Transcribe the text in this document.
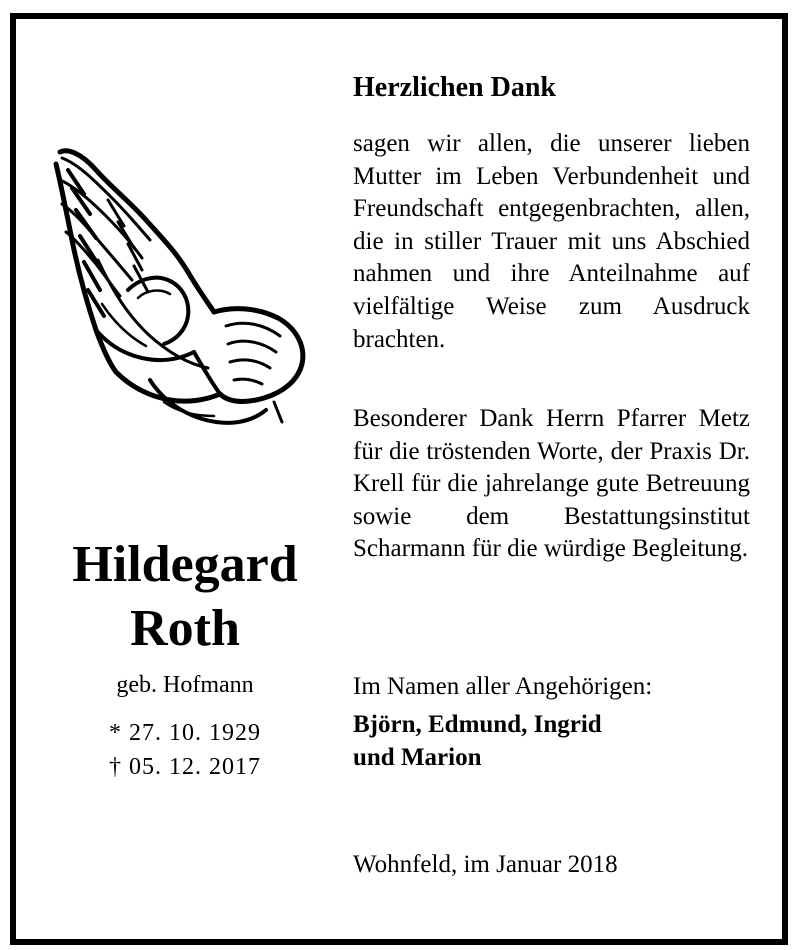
Hildegard
Roth
geb. Hofmann
* 27. 10. 1929
† 05. 12. 2017
Herzlichen Dank
sagen wir allen, die unserer lieben Mutter im Leben Verbundenheit und Freundschaft entgegenbrachten, allen, die in stiller Trauer mit uns Abschied nahmen und ihre Anteilnahme auf vielfältige Weise zum Ausdruck brachten.
Besonderer Dank Herrn Pfarrer Metz für die tröstenden Worte, der Praxis Dr. Krell für die jahrelange gute Betreuung sowie dem Bestattungsinstitut Scharmann für die würdige Begleitung.
Im Namen aller Angehörigen:
Björn, Edmund, Ingrid
und Marion
Wohnfeld, im Januar 2018
